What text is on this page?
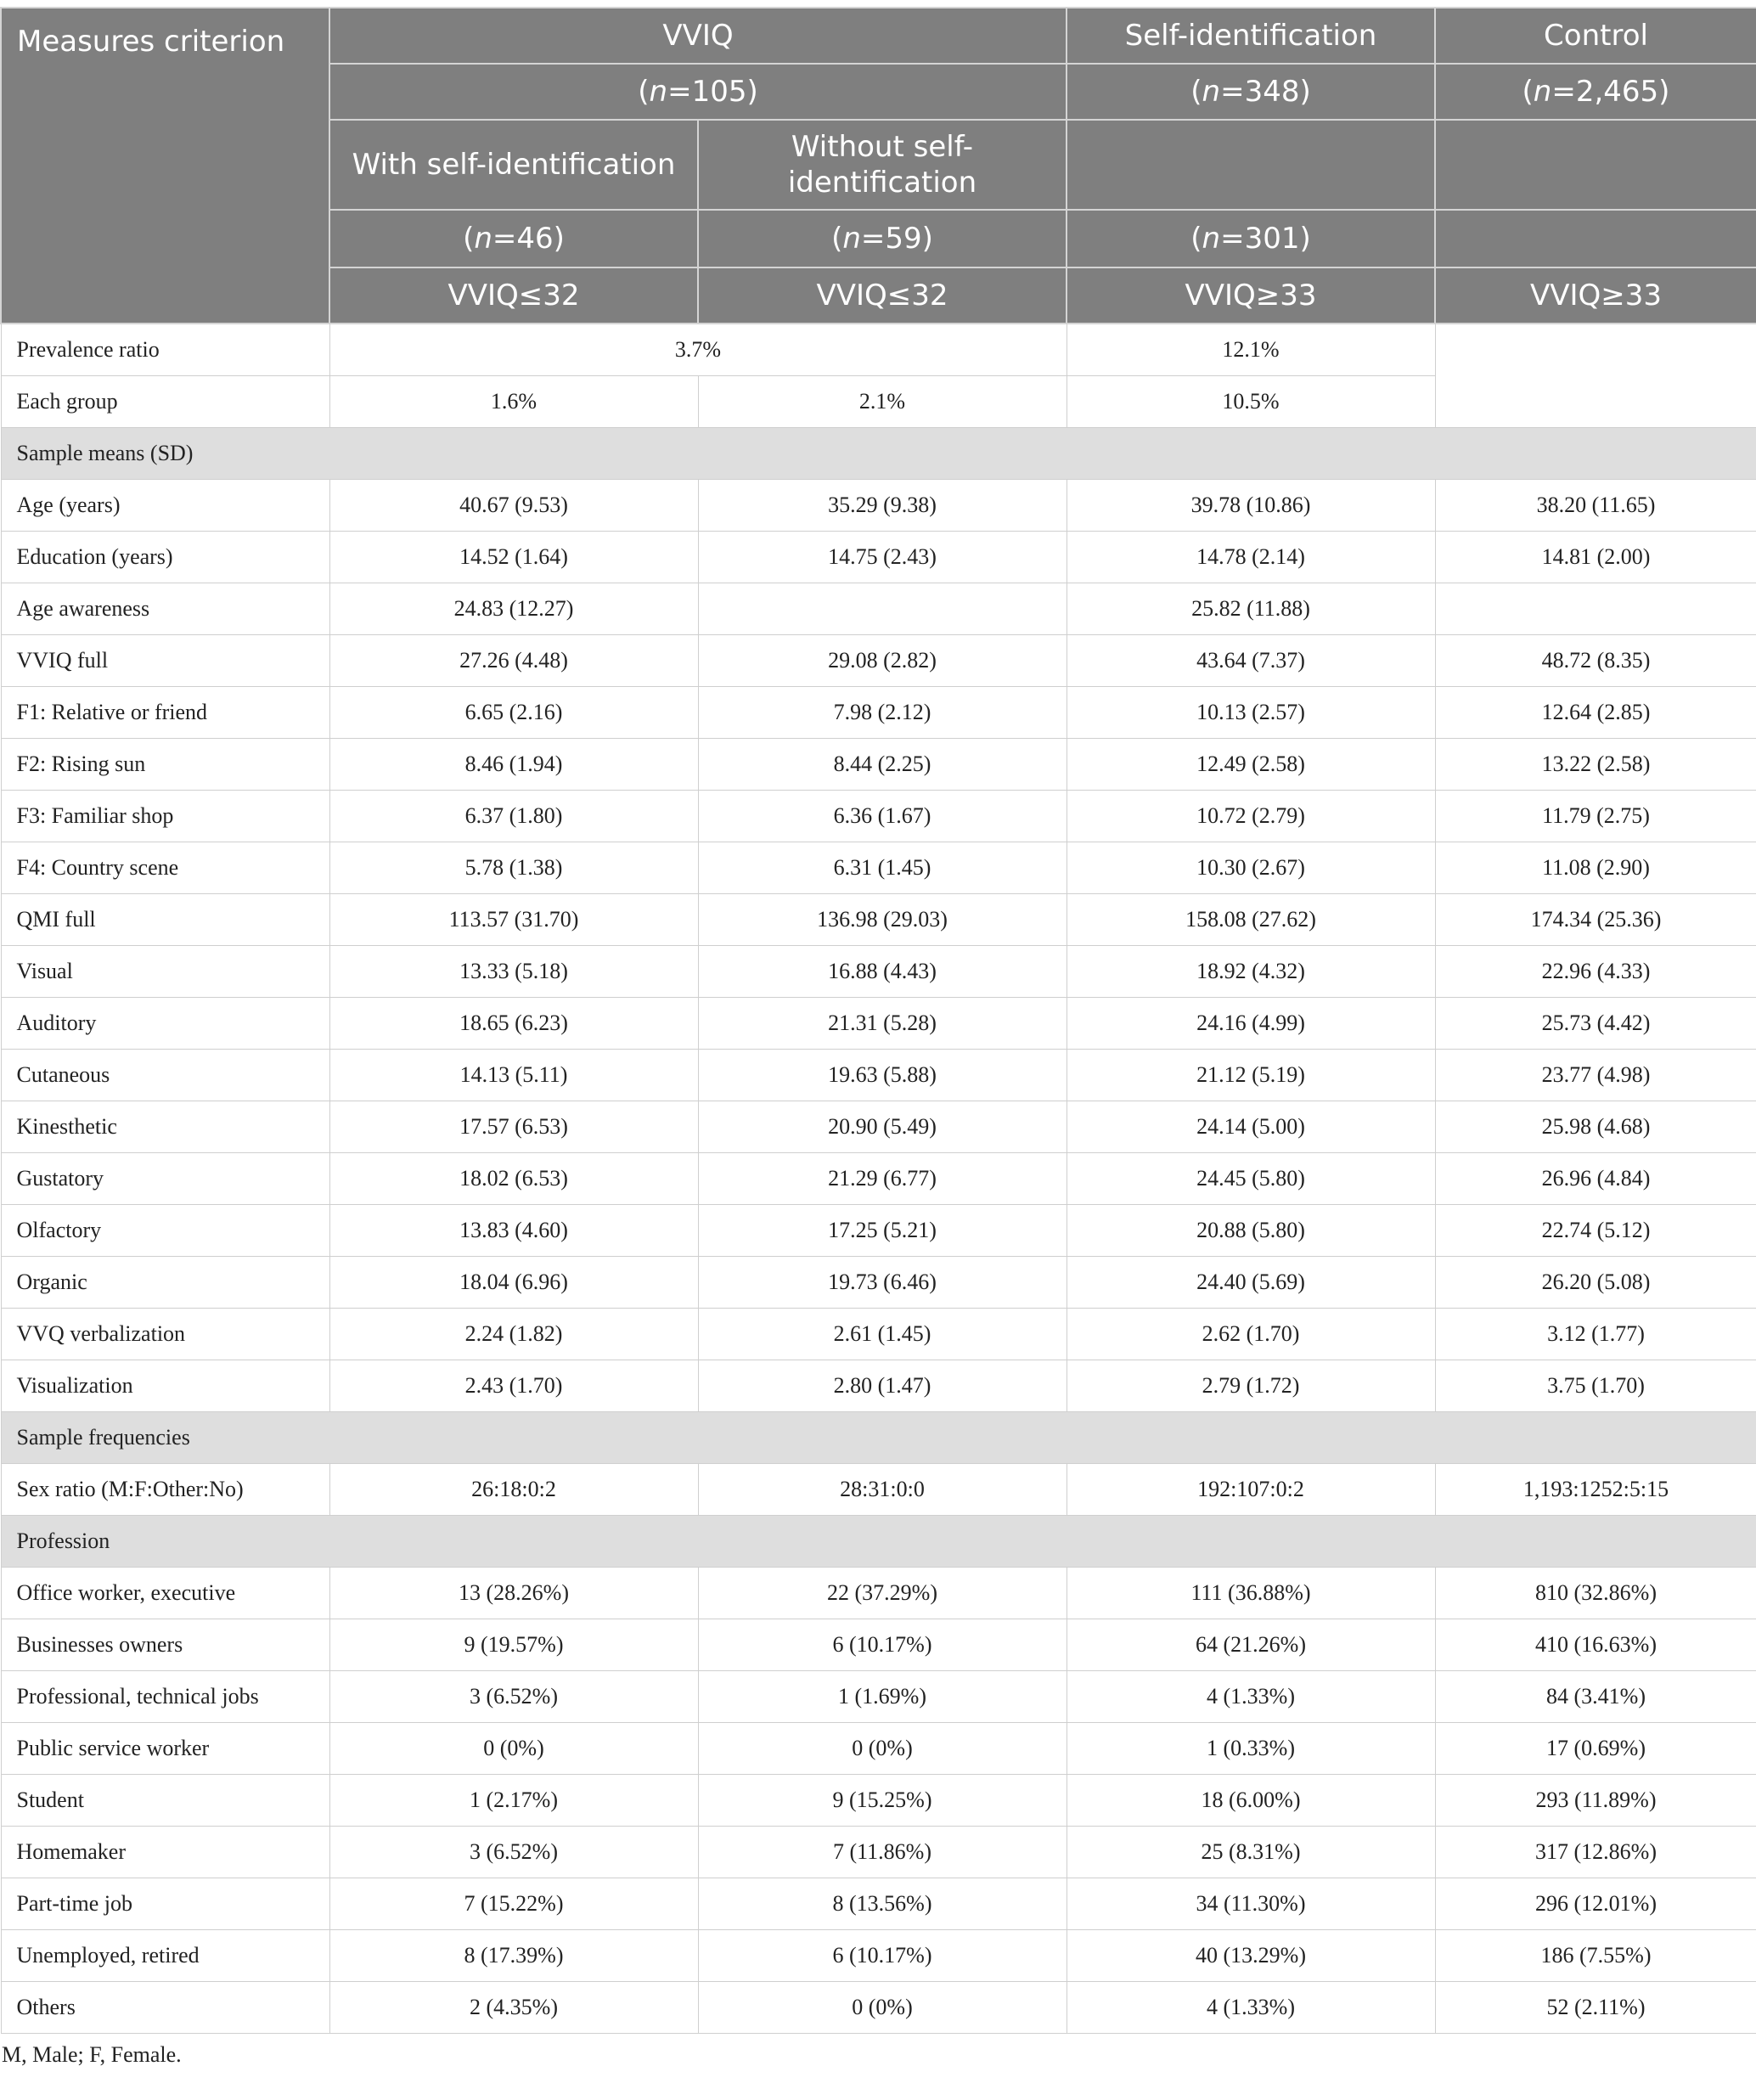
Measures criterion	VVIQ		Self-identification	Control
	(n=105)		(n=348)	(n=2,465)
	With self-identification	Without self-identification		
	(n=46)	(n=59)	(n=301)	
	VVIQ≤32	VVIQ≤32	VVIQ≥33	VVIQ≥33
Prevalence ratio	3.7%		12.1%	
Each group	1.6%	2.1%	10.5%	
Sample means (SD)				
Age (years)	40.67 (9.53)	35.29 (9.38)	39.78 (10.86)	38.20 (11.65)
Education (years)	14.52 (1.64)	14.75 (2.43)	14.78 (2.14)	14.81 (2.00)
Age awareness	24.83 (12.27)		25.82 (11.88)	
VVIQ full	27.26 (4.48)	29.08 (2.82)	43.64 (7.37)	48.72 (8.35)
F1: Relative or friend	6.65 (2.16)	7.98 (2.12)	10.13 (2.57)	12.64 (2.85)
F2: Rising sun	8.46 (1.94)	8.44 (2.25)	12.49 (2.58)	13.22 (2.58)
F3: Familiar shop	6.37 (1.80)	6.36 (1.67)	10.72 (2.79)	11.79 (2.75)
F4: Country scene	5.78 (1.38)	6.31 (1.45)	10.30 (2.67)	11.08 (2.90)
QMI full	113.57 (31.70)	136.98 (29.03)	158.08 (27.62)	174.34 (25.36)
Visual	13.33 (5.18)	16.88 (4.43)	18.92 (4.32)	22.96 (4.33)
Auditory	18.65 (6.23)	21.31 (5.28)	24.16 (4.99)	25.73 (4.42)
Cutaneous	14.13 (5.11)	19.63 (5.88)	21.12 (5.19)	23.77 (4.98)
Kinesthetic	17.57 (6.53)	20.90 (5.49)	24.14 (5.00)	25.98 (4.68)
Gustatory	18.02 (6.53)	21.29 (6.77)	24.45 (5.80)	26.96 (4.84)
Olfactory	13.83 (4.60)	17.25 (5.21)	20.88 (5.80)	22.74 (5.12)
Organic	18.04 (6.96)	19.73 (6.46)	24.40 (5.69)	26.20 (5.08)
VVQ verbalization	2.24 (1.82)	2.61 (1.45)	2.62 (1.70)	3.12 (1.77)
Visualization	2.43 (1.70)	2.80 (1.47)	2.79 (1.72)	3.75 (1.70)
Sample frequencies				
Sex ratio (M:F:Other:No)	26:18:0:2	28:31:0:0	192:107:0:2	1,193:1252:5:15
Profession				
Office worker, executive	13 (28.26%)	22 (37.29%)	111 (36.88%)	810 (32.86%)
Businesses owners	9 (19.57%)	6 (10.17%)	64 (21.26%)	410 (16.63%)
Professional, technical jobs	3 (6.52%)	1 (1.69%)	4 (1.33%)	84 (3.41%)
Public service worker	0 (0%)	0 (0%)	1 (0.33%)	17 (0.69%)
Student	1 (2.17%)	9 (15.25%)	18 (6.00%)	293 (11.89%)
Homemaker	3 (6.52%)	7 (11.86%)	25 (8.31%)	317 (12.86%)
Part-time job	7 (15.22%)	8 (13.56%)	34 (11.30%)	296 (12.01%)
Unemployed, retired	8 (17.39%)	6 (10.17%)	40 (13.29%)	186 (7.55%)
Others	2 (4.35%)	0 (0%)	4 (1.33%)	52 (2.11%)
M, Male; F, Female.
